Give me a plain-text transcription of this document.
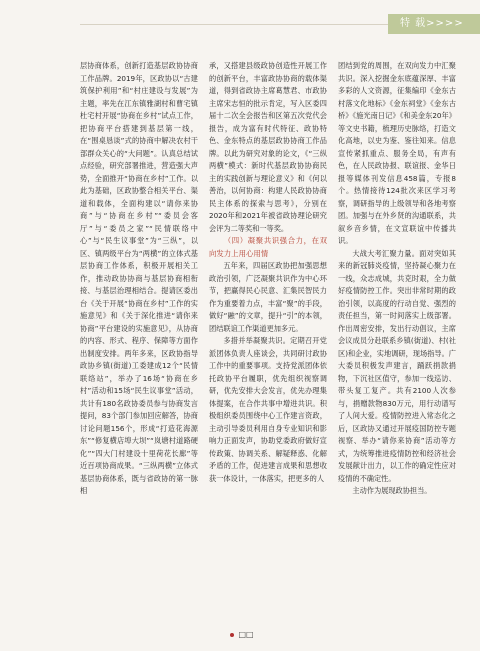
特 载>>>>

层协商体系，创新打造基层政协协商工作品牌。2019年，区政协以“古建筑保护利用”和“村庄建设与发展”为主题，率先在江东镇雅湖村和曹宅镇杜宅村开展“协商在乡村”试点工作，把协商平台搭建到基层第一线，在“围桌恳谈”式的协商中解决农村干部群众关心的“大问题”。认真总结试点经验，研究部署推进，营造强大声势，全面推开“协商在乡村”工作。以此为基础，区政协整合相关平台、渠道和载体，全面构建以“请你来协商”与“协商在乡村”“委员会客厅”与“委员之家”“民情联络中心”与“民生议事堂”为“三纵”，以区、镇两级平台为“两横”的立体式基层协商工作体系，积极开展相关工作，推动政协协商与基层协商相衔接、与基层治理相结合。提请区委出台《关于开展“协商在乡村”工作的实施意见》和《关于深化推进“请你来协商”平台建设的实施意见》，从协商的内容、形式、程序、保障等方面作出制度安排。两年多来，区政协指导政协乡镇(街道)工委建成12个“民情联络站”，举办了16场“协商在乡村”活动和15场“民生议事堂”活动，共计有180名政协委员参与协商发言提问，83个部门参加回应解答，协商讨论问题156个，形成“打造花海源东”“修复横店埠大坝”“岚塘村道路硬化”“四大门村建设十里荷花长廊”等近百项协商成果。“三纵两横”立体式基层协商体系，既与省政协的第一脉相

承，又搭建县级政协创造性开展工作的创新平台，丰富政协协商的载体渠道，得到省政协主席葛慧君、市政协主席宋志恒的批示肯定，写入区委四届十二次全会报告和区第五次党代会报告，成为富有时代特征、政协特色、金东特点的基层政协协商工作品牌。以此为研究对象的论文，《“三纵两横”模式：新时代基层政协协商民主的实践创新与理论意义》和《何以善治，以何协商：构建人民政协协商民主体系的探索与思考》，分别在2020年和2021年被省政协理论研究会评为二等奖和一等奖。

（四）凝聚共识强合力，在双向发力上用心用情

五年来，四届区政协把加强思想政治引领，广泛凝聚共识作为中心环节，把赢得民心民意、汇集民智民力作为重要着力点，丰富“聚”的手段，做好“融”的文章，提升“引”的本领，团结联谊工作渠道更加多元。

多措并举凝聚共识。定期召开党派团体负责人座谈会，共同研讨政协工作中的重要事项。支持党派团体依托政协平台履职，优先组织视察调研，优先安排大会发言，优先办理集体提案，在合作共事中增进共识。积极组织委员围绕中心工作建言资政，主动引导委员利用自身专业知识和影响力正面发声，协助党委政府做好宣传政策、协调关系、解疑释惑、化解矛盾的工作，促进建言成果和思想收获一体设计，一体落实，把更多的人

团结到党的周围，在双向发力中汇聚共识。深入挖掘金东底蕴深厚、丰富多彩的人文资源，征集编印《金东古村落文化地标》《金东祠堂》《金东古桥》《施光南日记》《和美金东20年》等文史书籍，梳理历史脉络，打造文化高地，以史为鉴、鉴往知来。信息宣传紧抓重点、服务全局，有声有色，在人民政协报、联谊报、金华日报等媒体刊发信息458篇，专报8个。热情接待124批次来区学习考察，调研指导的上级领导和各地考察团。加强与在外乡贤的沟通联系，共叙乡音乡情，在文宣联谊中传播共识。

大战大考汇聚力量。面对突如其来的新冠肺炎疫情，坚持凝心聚力在一线，众志成城，共克时艰，全力做好疫情防控工作。突出非常时期的政治引领，以高度的行动自觉、强烈的责任担当，第一时间落实上级部署。作出周密安排，发出行动倡议，主席会议成员分赴联系乡镇(街道)、村(社区)和企业，实地调研，现场指导。广大委员积极发声建言，踊跃捐款捐物，下沉社区值守，参加一线巡访、带头复工复产。共有2100人次参与，捐赠款物830万元，用行动谱写了人间大爱。疫情防控进入常态化之后，区政协又通过开展疫国防控专题视察、举办“请你来协商”活动等方式，为统筹推进疫情防控和经济社会发展献计出力，以工作的确定性应对疫情的不确定性。

主动作为展现政协担当。

□□
